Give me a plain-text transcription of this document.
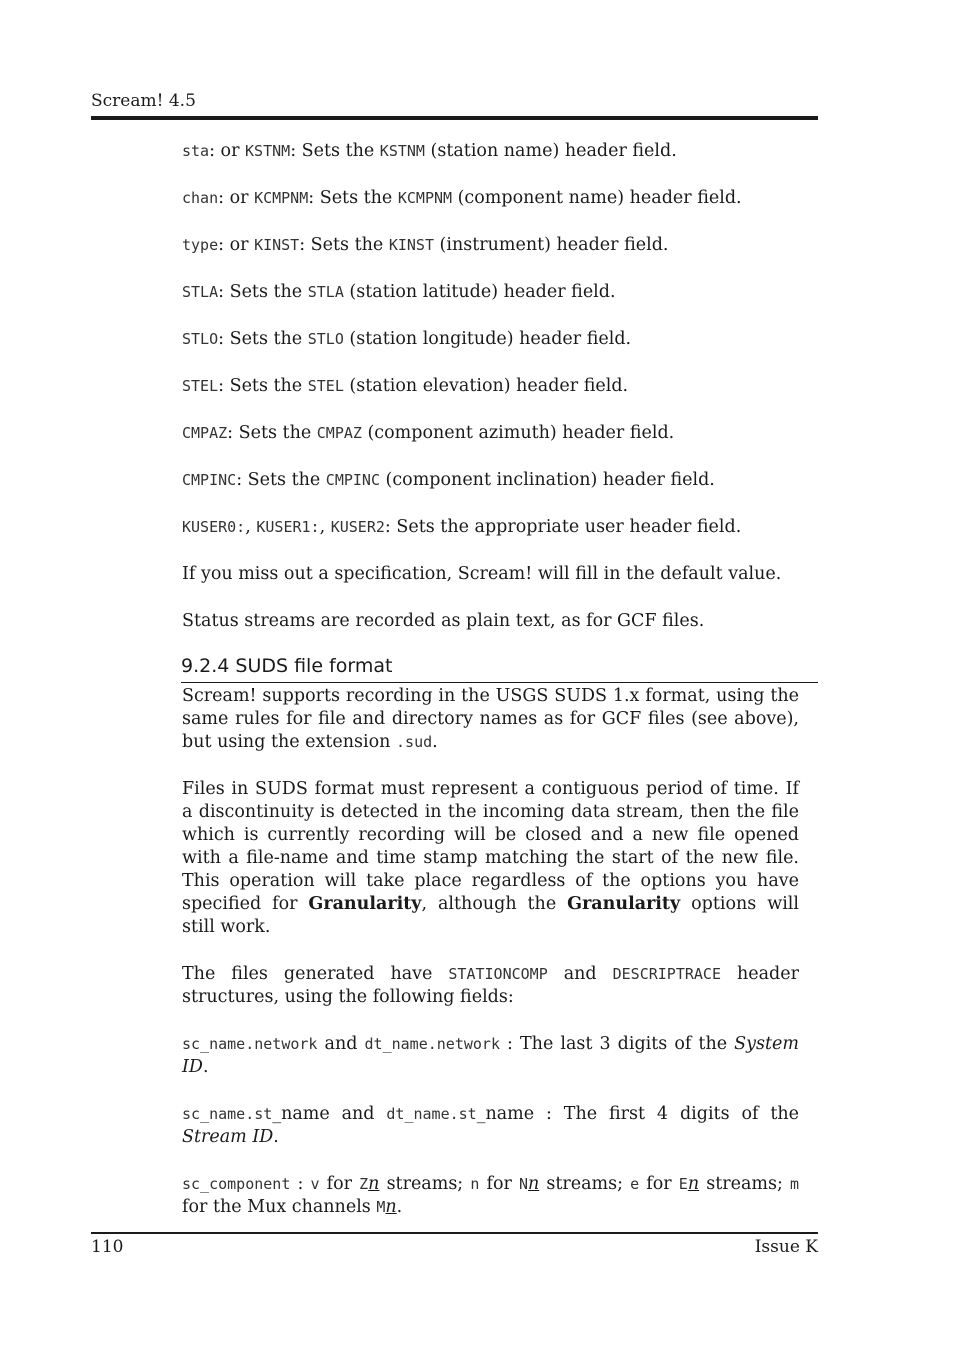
Scream! 4.5

sta: or KSTNM: Sets the KSTNM (station name) header field.

chan: or KCMPNM: Sets the KCMPNM (component name) header field.

type: or KINST: Sets the KINST (instrument) header field.

STLA: Sets the STLA (station latitude) header field.

STLO: Sets the STLO (station longitude) header field.

STEL: Sets the STEL (station elevation) header field.

CMPAZ: Sets the CMPAZ (component azimuth) header field.

CMPINC: Sets the CMPINC (component inclination) header field.

KUSER0:, KUSER1:, KUSER2: Sets the appropriate user header field.

If you miss out a specification, Scream! will fill in the default value.

Status streams are recorded as plain text, as for GCF files.

9.2.4 SUDS file format

Scream! supports recording in the USGS SUDS 1.x format, using the same rules for file and directory names as for GCF files (see above), but using the extension .sud.

Files in SUDS format must represent a contiguous period of time. If a discontinuity is detected in the incoming data stream, then the file which is currently recording will be closed and a new file opened with a file-name and time stamp matching the start of the new file. This operation will take place regardless of the options you have specified for Granularity, although the Granularity options will still work.

The files generated have STATIONCOMP and DESCRIPTRACE header structures, using the following fields:

sc_name.network and dt_name.network : The last 3 digits of the System ID.

sc_name.st_name and dt_name.st_name : The first 4 digits of the Stream ID.

sc_component : v for Zn streams; n for Nn streams; e for En streams; m for the Mux channels Mn.

110	Issue K
